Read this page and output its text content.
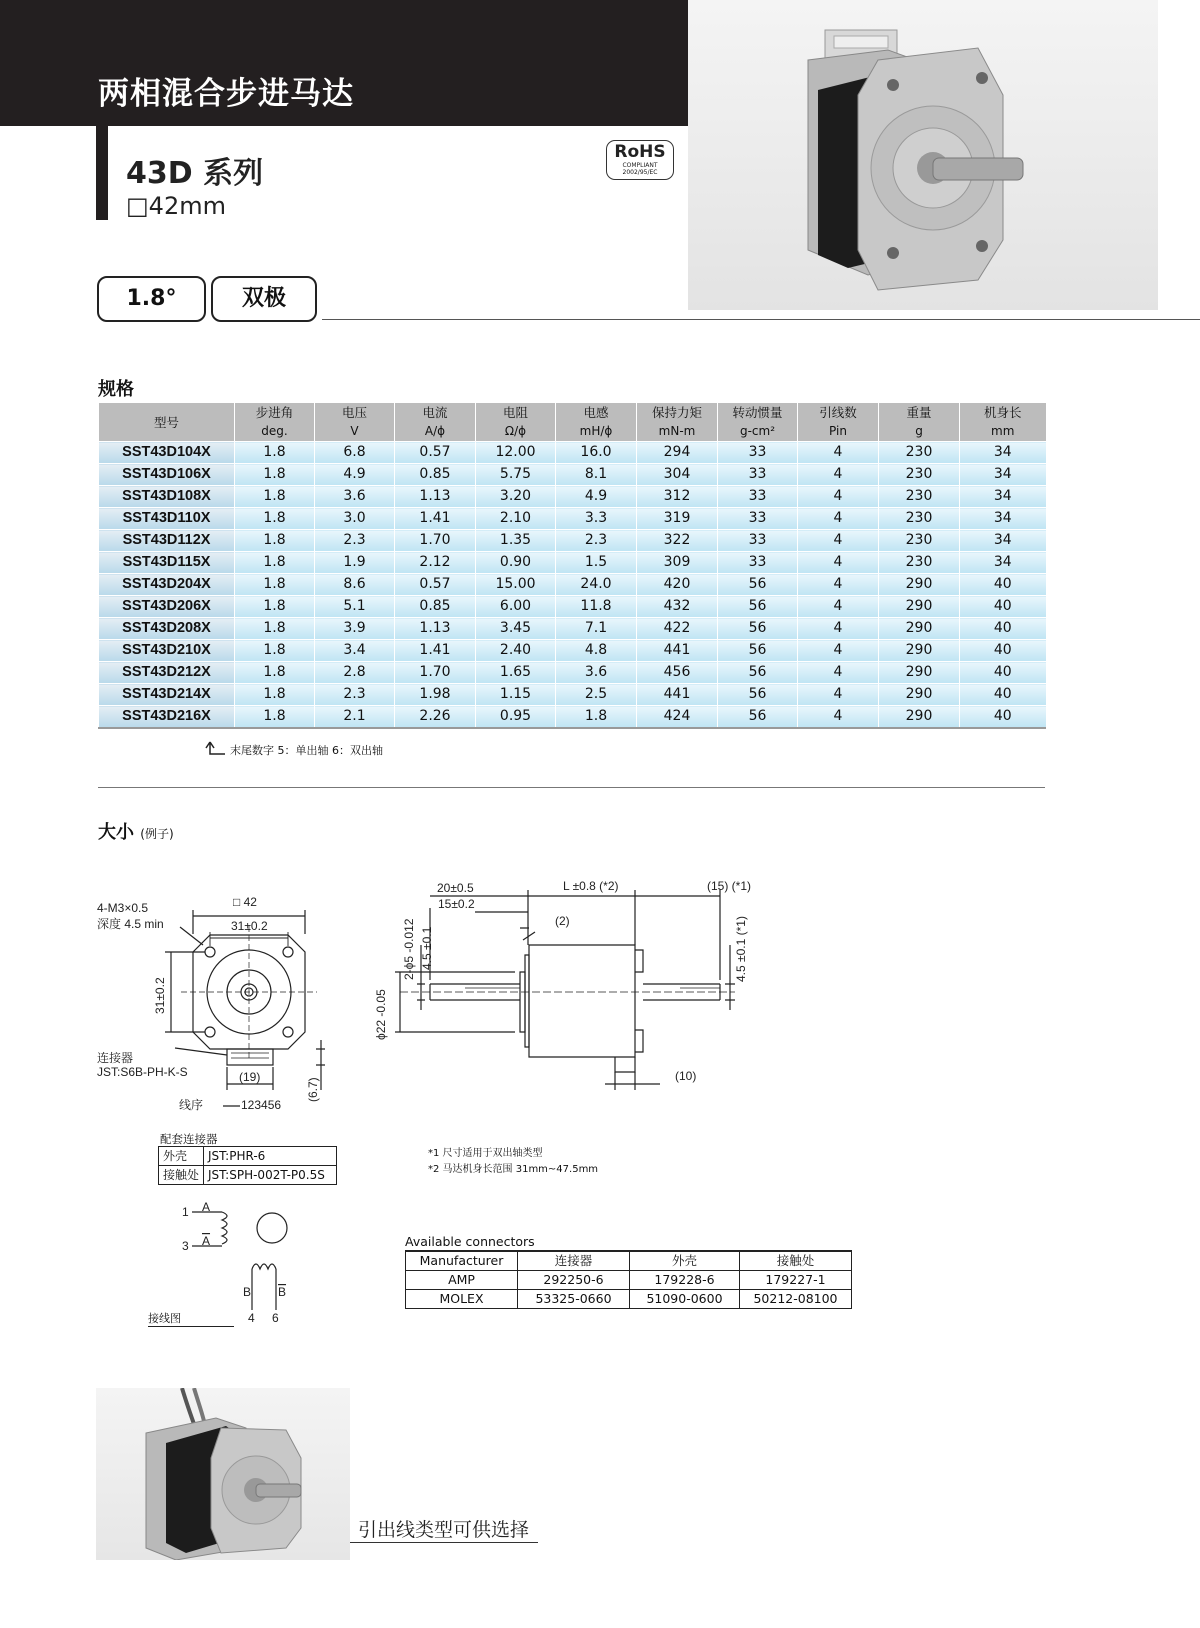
两相混合步进马达
43D 系列
□42mm
RoHS
COMPLIANT
2002/95/EC
1.8°	双极
规格
型号	步进角	电压	电流	电阻	电感	保持力矩	转动惯量	引线数	重量	机身长
	deg.	V	A/ϕ	Ω/ϕ	mH/ϕ	mN-m	g-cm²	Pin	g	mm
SST43D104X	1.8	6.8	0.57	12.00	16.0	294	33	4	230	34
SST43D106X	1.8	4.9	0.85	5.75	8.1	304	33	4	230	34
SST43D108X	1.8	3.6	1.13	3.20	4.9	312	33	4	230	34
SST43D110X	1.8	3.0	1.41	2.10	3.3	319	33	4	230	34
SST43D112X	1.8	2.3	1.70	1.35	2.3	322	33	4	230	34
SST43D115X	1.8	1.9	2.12	0.90	1.5	309	33	4	230	34
SST43D204X	1.8	8.6	0.57	15.00	24.0	420	56	4	290	40
SST43D206X	1.8	5.1	0.85	6.00	11.8	432	56	4	290	40
SST43D208X	1.8	3.9	1.13	3.45	7.1	422	56	4	290	40
SST43D210X	1.8	3.4	1.41	2.40	4.8	441	56	4	290	40
SST43D212X	1.8	2.8	1.70	1.65	3.6	456	56	4	290	40
SST43D214X	1.8	2.3	1.98	1.15	2.5	441	56	4	290	40
SST43D216X	1.8	2.1	2.26	0.95	1.8	424	56	4	290	40
末尾数字 5：单出轴 6：双出轴
大小 (例子)
□ 42
31±0.2
4-M3×0.5
深度 4.5 min
31±0.2
连接器
JST:S6B-PH-K-S	(19)
(6.7)
线序	123456
20±0.5
15±0.2
L ±0.8 (*2)	(15) (*1)
(2)
2-ϕ5 -0.012 4.5 ±0.1
ϕ22 -0.05
4.5 ±0.1 (*1)
(10)
配套连接器
外壳	JST:PHR-6
接触处	JST:SPH-002T-P0.5S
*1 尺寸适用于双出轴类型
*2 马达机身长范围 31mm~47.5mm
1 A
3 A
B B
4 6
接线图
Available connectors
Manufacturer	连接器	外壳	接触处
AMP	292250-6	179228-6	179227-1
MOLEX	53325-0660	51090-0600	50212-08100
引出线类型可供选择
